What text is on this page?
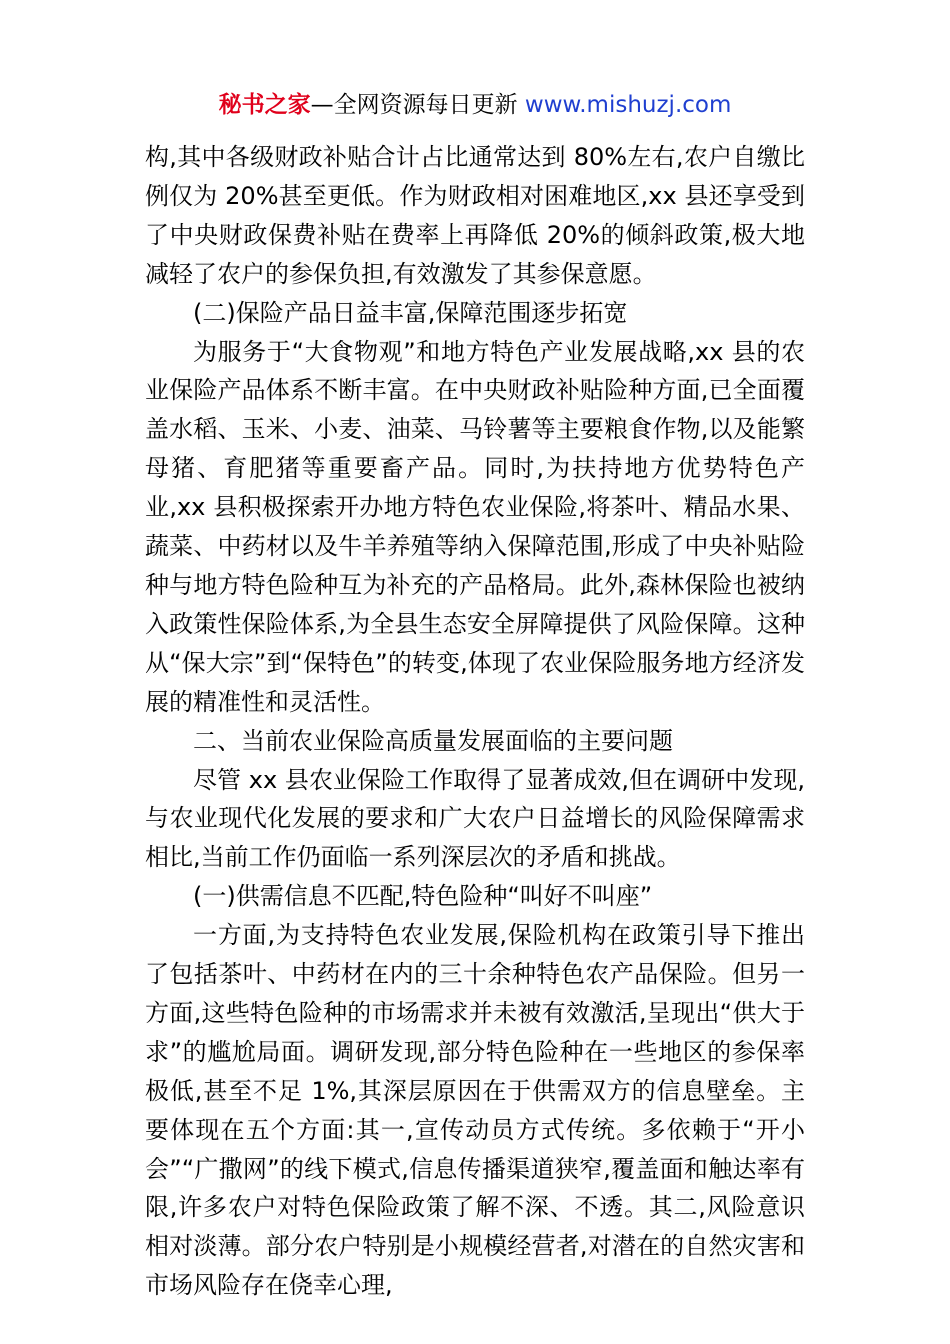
秘书之家—全网资源每日更新 www.mishuzj.com

构,其中各级财政补贴合计占比通常达到 80%左右,农户自缴比例仅为 20%甚至更低。作为财政相对困难地区,xx 县还享受到了中央财政保费补贴在费率上再降低 20%的倾斜政策,极大地减轻了农户的参保负担,有效激发了其参保意愿。

(二)保险产品日益丰富,保障范围逐步拓宽

为服务于“大食物观”和地方特色产业发展战略,xx 县的农业保险产品体系不断丰富。在中央财政补贴险种方面,已全面覆盖水稻、玉米、小麦、油菜、马铃薯等主要粮食作物,以及能繁母猪、育肥猪等重要畜产品。同时,为扶持地方优势特色产业,xx 县积极探索开办地方特色农业保险,将茶叶、精品水果、蔬菜、中药材以及牛羊养殖等纳入保障范围,形成了中央补贴险种与地方特色险种互为补充的产品格局。此外,森林保险也被纳入政策性保险体系,为全县生态安全屏障提供了风险保障。这种从“保大宗”到“保特色”的转变,体现了农业保险服务地方经济发展的精准性和灵活性。

二、当前农业保险高质量发展面临的主要问题

尽管 xx 县农业保险工作取得了显著成效,但在调研中发现,与农业现代化发展的要求和广大农户日益增长的风险保障需求相比,当前工作仍面临一系列深层次的矛盾和挑战。

(一)供需信息不匹配,特色险种“叫好不叫座”

一方面,为支持特色农业发展,保险机构在政策引导下推出了包括茶叶、中药材在内的三十余种特色农产品保险。但另一方面,这些特色险种的市场需求并未被有效激活,呈现出“供大于求”的尴尬局面。调研发现,部分特色险种在一些地区的参保率极低,甚至不足 1%,其深层原因在于供需双方的信息壁垒。主要体现在五个方面:其一,宣传动员方式传统。多依赖于“开小会”“广撒网”的线下模式,信息传播渠道狭窄,覆盖面和触达率有限,许多农户对特色保险政策了解不深、不透。其二,风险意识相对淡薄。部分农户特别是小规模经营者,对潜在的自然灾害和市场风险存在侥幸心理,
